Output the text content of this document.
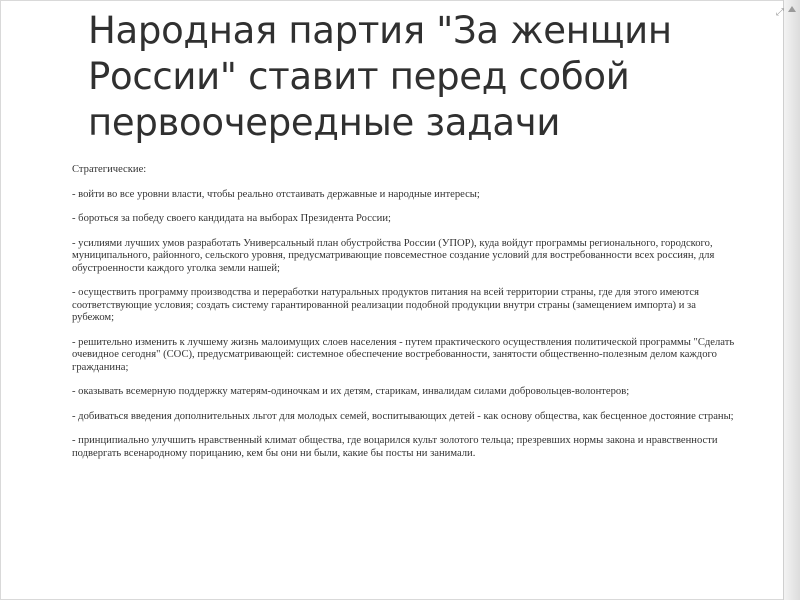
⤢
Народная партия "За женщин России" ставит перед собой первоочередные задачи

Стратегические:

- войти во все уровни власти, чтобы реально отстаивать державные и народные интересы;

- бороться за победу своего кандидата на выборах Президента России;

- усилиями лучших умов разработать Универсальный план обустройства России (УПОР), куда войдут программы регионального, городского, муниципального, районного, сельского уровня, предусматривающие повсеместное создание условий для востребованности всех россиян, для обустроенности каждого уголка земли нашей;

- осуществить программу производства и переработки натуральных продуктов питания на всей территории страны, где для этого имеются соответствующие условия; создать систему гарантированной реализации подобной продукции внутри страны (замещением импорта) и за рубежом;

- решительно изменить к лучшему жизнь малоимущих слоев населения - путем практического осуществления политической программы "Сделать очевидное сегодня" (СОС), предусматривающей: системное обеспечение востребованности, занятости общественно-полезным делом каждого гражданина;

- оказывать всемерную поддержку матерям-одиночкам и их детям, старикам, инвалидам силами добровольцев-волонтеров;

- добиваться введения дополнительных льгот для молодых семей, воспитывающих детей - как основу общества, как бесценное достояние страны;

- принципиально улучшить нравственный климат общества, где воцарился культ золотого тельца; презревших нормы закона и нравственности подвергать всенародному порицанию, кем бы они ни были, какие бы посты ни занимали.
